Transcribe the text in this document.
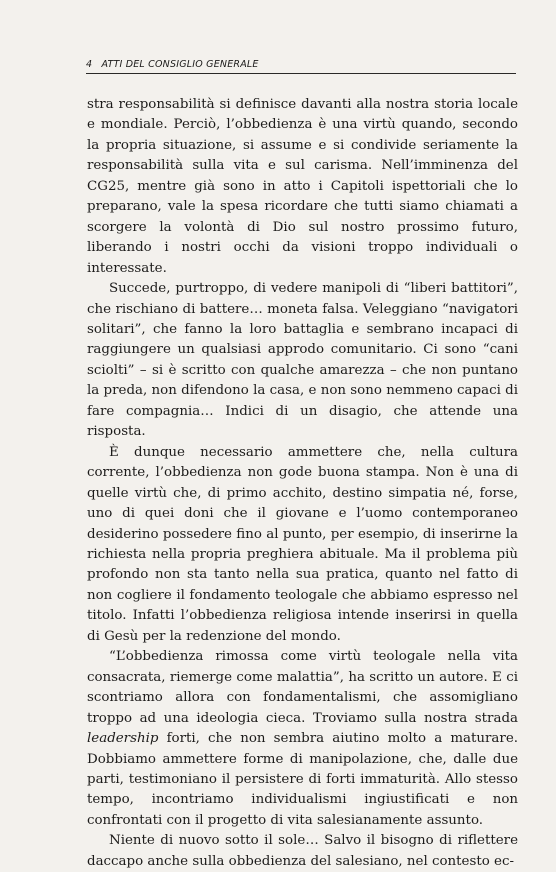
4 ATTI DEL CONSIGLIO GENERALE

stra responsabilità si definisce davanti alla nostra storia locale e mondiale. Perciò, l’obbedienza è una virtù quando, secondo la propria situazione, si assume e si condivide seriamente la responsabilità sulla vita e sul carisma. Nell’imminenza del CG25, mentre già sono in atto i Capitoli ispettoriali che lo preparano, vale la spesa ricordare che tutti siamo chiamati a scorgere la volontà di Dio sul nostro prossimo futuro, liberando i nostri occhi da visioni troppo individuali o interessate.

Succede, purtroppo, di vedere manipoli di “liberi battitori”, che rischiano di battere… moneta falsa. Veleggiano “navigatori solitari”, che fanno la loro battaglia e sembrano incapaci di raggiungere un qualsiasi approdo comunitario. Ci sono “cani sciolti” – si è scritto con qualche amarezza – che non puntano la preda, non difendono la casa, e non sono nemmeno capaci di fare compagnia… Indici di un disagio, che attende una risposta.

È dunque necessario ammettere che, nella cultura corrente, l’obbedienza non gode buona stampa. Non è una di quelle virtù che, di primo acchito, destino simpatia né, forse, uno di quei doni che il giovane e l’uomo contemporaneo desiderino possedere fino al punto, per esempio, di inserirne la richiesta nella propria preghiera abituale. Ma il problema più profondo non sta tanto nella sua pratica, quanto nel fatto di non cogliere il fondamento teologale che abbiamo espresso nel titolo. Infatti l’obbedienza religiosa intende inserirsi in quella di Gesù per la redenzione del mondo.

“L’obbedienza rimossa come virtù teologale nella vita consacrata, riemerge come malattia”, ha scritto un autore. E ci scontriamo allora con fondamentalismi, che assomigliano troppo ad una ideologia cieca. Troviamo sulla nostra strada leadership forti, che non sembra aiutino molto a maturare. Dobbiamo ammettere forme di manipolazione, che, dalle due parti, testimoniano il persistere di forti immaturità. Allo stesso tempo, incontriamo individualismi ingiustificati e non confrontati con il progetto di vita salesianamente assunto.

Niente di nuovo sotto il sole… Salvo il bisogno di riflettere daccapo anche sulla obbedienza del salesiano, nel contesto ec-
